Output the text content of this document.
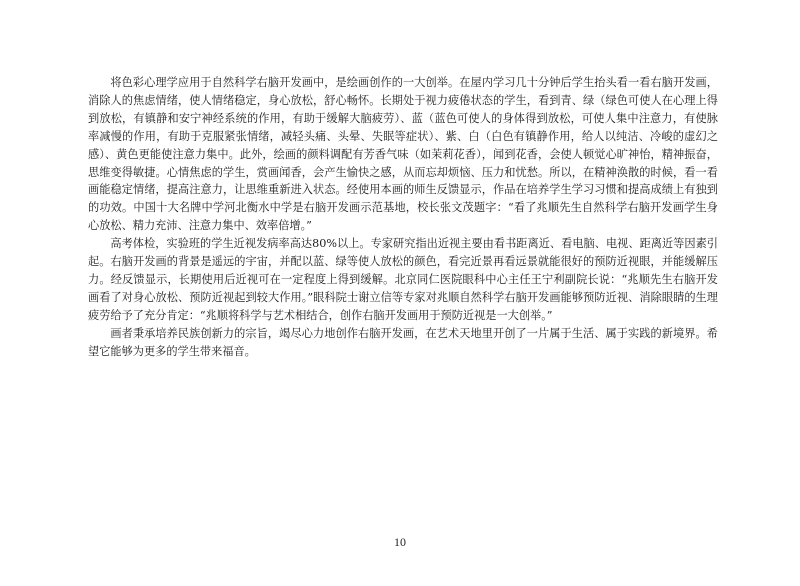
将色彩心理学应用于自然科学右脑开发画中，是绘画创作的一大创举。在屋内学习几十分钟后学生抬头看一看右脑开发画，消除人的焦虑情绪，使人情绪稳定，身心放松，舒心畅怀。长期处于视力疲倦状态的学生，看到青、绿（绿色可使人在心理上得到放松，有镇静和安宁神经系统的作用，有助于缓解大脑疲劳）、蓝（蓝色可使人的身体得到放松，可使人集中注意力，有使脉率减慢的作用，有助于克服紧张情绪，减轻头痛、头晕、失眠等症状）、紫、白（白色有镇静作用，给人以纯洁、冷峻的虚幻之感）、黄色更能使注意力集中。此外，绘画的颜料调配有芳香气味（如茉莉花香），闻到花香，会使人顿觉心旷神怡，精神振奋，思维变得敏捷。心情焦虑的学生，赏画闻香，会产生愉快之感，从而忘却烦恼、压力和忧愁。所以，在精神涣散的时候，看一看画能稳定情绪，提高注意力，让思维重新进入状态。经使用本画的师生反馈显示，作品在培养学生学习习惯和提高成绩上有独到的功效。中国十大名牌中学河北衡水中学是右脑开发画示范基地，校长张文茂题字：“看了兆顺先生自然科学右脑开发画学生身心放松、精力充沛、注意力集中、效率倍增。”

高考体检，实验班的学生近视发病率高达80%以上。专家研究指出近视主要由看书距离近、看电脑、电视、距离近等因素引起。右脑开发画的背景是遥远的宇宙，并配以蓝、绿等使人放松的颜色，看完近景再看远景就能很好的预防近视眼，并能缓解压力。经反馈显示，长期使用后近视可在一定程度上得到缓解。北京同仁医院眼科中心主任王宁利副院长说：“兆顺先生右脑开发画看了对身心放松、预防近视起到较大作用。”眼科院士谢立信等专家对兆顺自然科学右脑开发画能够预防近视、消除眼睛的生理疲劳给予了充分肯定：“兆顺将科学与艺术相结合，创作右脑开发画用于预防近视是一大创举。”

画者秉承培养民族创新力的宗旨，竭尽心力地创作右脑开发画，在艺术天地里开创了一片属于生活、属于实践的新境界。希望它能够为更多的学生带来福音。

10
